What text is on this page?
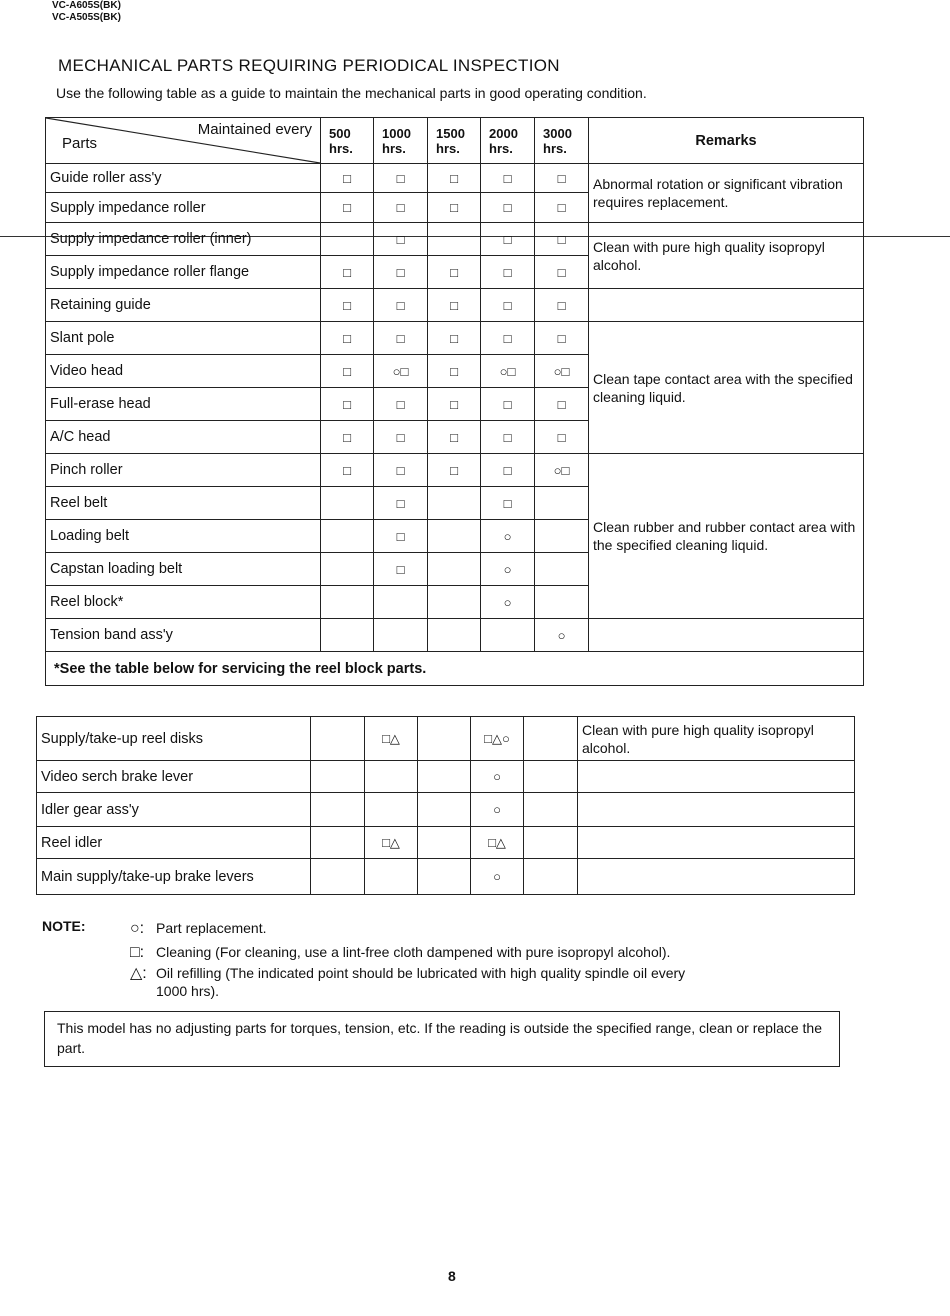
VC-A605S(BK)
VC-A505S(BK)
MECHANICAL PARTS REQUIRING PERIODICAL INSPECTION
Use the following table as a guide to maintain the mechanical parts in good operating condition.
Maintained every
Parts	500 hrs.	1000 hrs.	1500 hrs.	2000 hrs.	3000 hrs.	Remarks
Guide roller ass'y	□	□	□	□	□	Abnormal rotation or significant vibration requires replacement.
Supply impedance roller	□	□	□	□	□	
Supply impedance roller (inner)		□		□	□	Clean with pure high quality isopropyl alcohol.
Supply impedance roller flange	□	□	□	□	□	
Retaining guide	□	□	□	□	□	
Slant pole	□	□	□	□	□	Clean tape contact area with the specified cleaning liquid.
Video head	□	○□	□	○□	○□	
Full-erase head	□	□	□	□	□	
A/C head	□	□	□	□	□	
Pinch roller	□	□	□	□	○□	Clean rubber and rubber contact area with the specified cleaning liquid.
Reel belt		□		□		
Loading belt		□		○		
Capstan loading belt		□		○		
Reel block*				○		
Tension band ass'y					○	
*See the table below for servicing the reel block parts.						
Supply/take-up reel disks		□△		□△○		Clean with pure high quality isopropyl alcohol.
Video serch brake lever				○		
Idler gear ass'y				○		
Reel idler		□△		□△		
Main supply/take-up brake levers				○		
NOTE:	○: Part replacement.
□: Cleaning (For cleaning, use a lint-free cloth dampened with pure isopropyl alcohol).
△: Oil refilling (The indicated point should be lubricated with high quality spindle oil every
1000 hrs).
This model has no adjusting parts for torques, tension, etc. If the reading is outside the specified range, clean or replace the part.
8
